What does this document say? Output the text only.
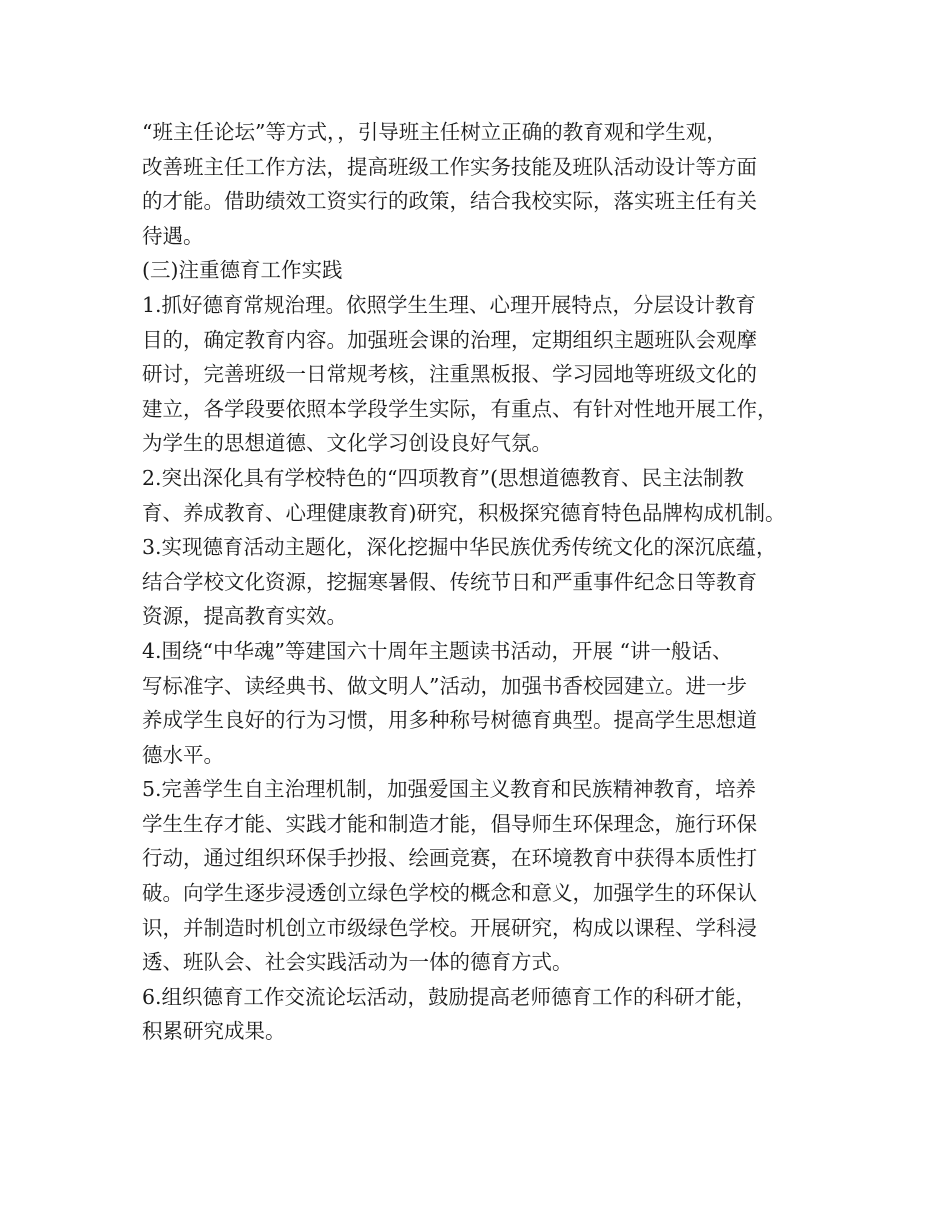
“班主任论坛”等方式，，引导班主任树立正确的教育观和学生观，
改善班主任工作方法，提高班级工作实务技能及班队活动设计等方面
的才能。借助绩效工资实行的政策，结合我校实际，落实班主任有关
待遇。
(三)注重德育工作实践
1.抓好德育常规治理。依照学生生理、心理开展特点，分层设计教育
目的，确定教育内容。加强班会课的治理，定期组织主题班队会观摩
研讨，完善班级一日常规考核，注重黑板报、学习园地等班级文化的
建立，各学段要依照本学段学生实际，有重点、有针对性地开展工作，
为学生的思想道德、文化学习创设良好气氛。
2.突出深化具有学校特色的“四项教育”(思想道德教育、民主法制教
育、养成教育、心理健康教育)研究，积极探究德育特色品牌构成机制。
3.实现德育活动主题化，深化挖掘中华民族优秀传统文化的深沉底蕴，
结合学校文化资源，挖掘寒暑假、传统节日和严重事件纪念日等教育
资源，提高教育实效。
4.围绕“中华魂”等建国六十周年主题读书活动，开展 “讲一般话、
写标准字、读经典书、做文明人”活动，加强书香校园建立。进一步
养成学生良好的行为习惯，用多种称号树德育典型。提高学生思想道
德水平。
5.完善学生自主治理机制，加强爱国主义教育和民族精神教育，培养
学生生存才能、实践才能和制造才能，倡导师生环保理念，施行环保
行动，通过组织环保手抄报、绘画竞赛，在环境教育中获得本质性打
破。向学生逐步浸透创立绿色学校的概念和意义，加强学生的环保认
识，并制造时机创立市级绿色学校。开展研究，构成以课程、学科浸
透、班队会、社会实践活动为一体的德育方式。
6.组织德育工作交流论坛活动，鼓励提高老师德育工作的科研才能，
积累研究成果。
